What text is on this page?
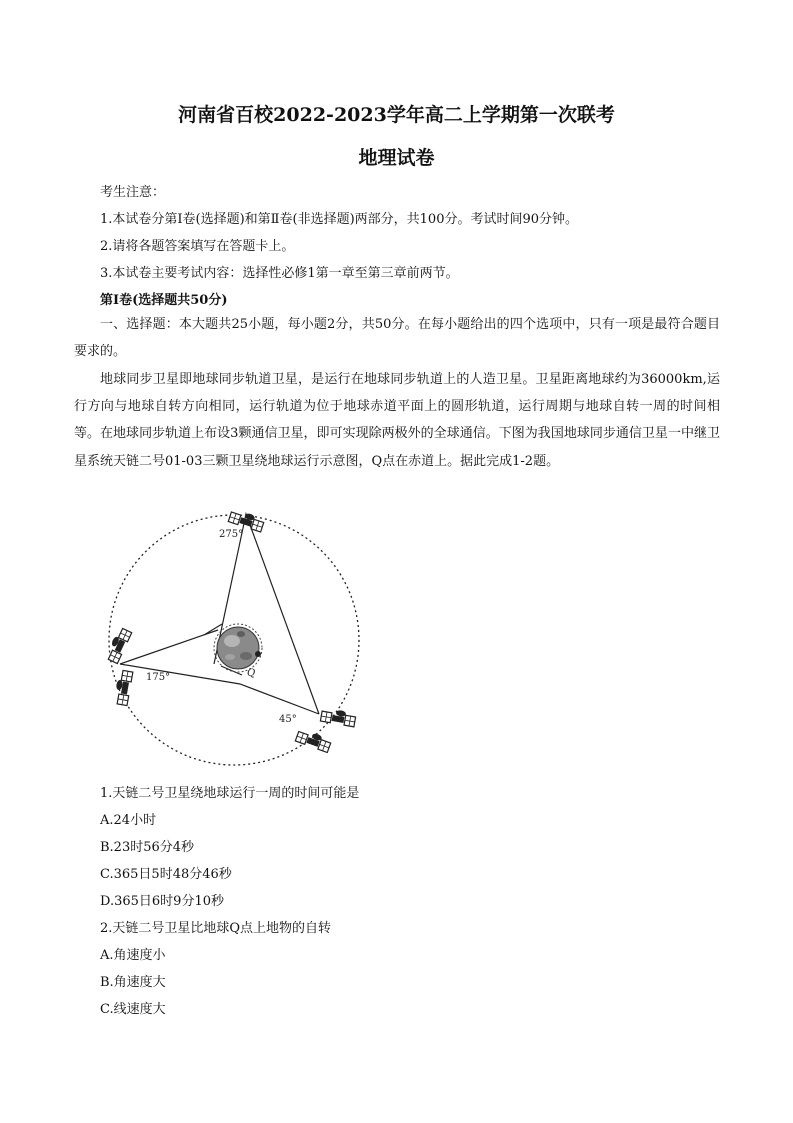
河南省百校2022-2023学年高二上学期第一次联考
地理试卷

考生注意：

1.本试卷分第Ⅰ卷(选择题)和第Ⅱ卷(非选择题)两部分，共100分。考试时间90分钟。

2.请将各题答案填写在答题卡上。

3.本试卷主要考试内容：选择性必修1第一章至第三章前两节。

第Ⅰ卷(选择题共50分)

一、选择题：本大题共25小题，每小题2分，共50分。在每小题给出的四个选项中，只有一项是最符合题目要求的。

地球同步卫星即地球同步轨道卫星，是运行在地球同步轨道上的人造卫星。卫星距离地球约为36000km,运行方向与地球自转方向相同，运行轨道为位于地球赤道平面上的圆形轨道，运行周期与地球自转一周的时间相等。在地球同步轨道上布设3颗通信卫星，即可实现除两极外的全球通信。下图为我国地球同步通信卫星一中继卫星系统天链二号01-03三颗卫星绕地球运行示意图，Q点在赤道上。据此完成1-2题。

275°
175°
45°
Q

1.天链二号卫星绕地球运行一周的时间可能是

A.24小时

B.23时56分4秒

C.365日5时48分46秒

D.365日6时9分10秒

2.天链二号卫星比地球Q点上地物的自转

A.角速度小

B.角速度大

C.线速度大
